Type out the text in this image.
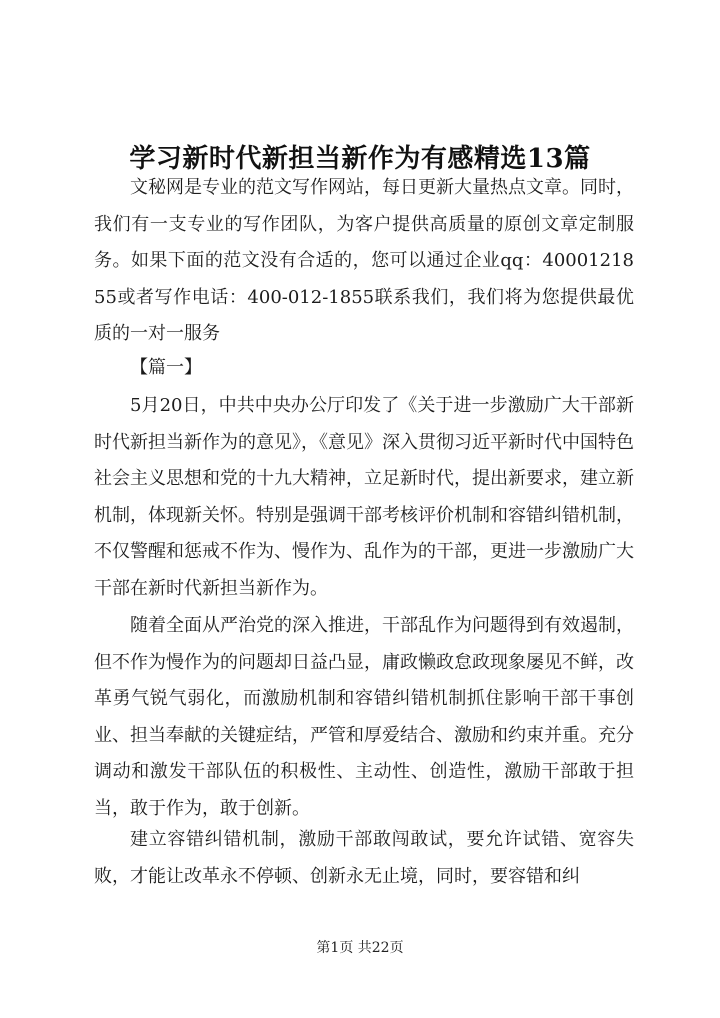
学习新时代新担当新作为有感精选13篇

文秘网是专业的范文写作网站，每日更新大量热点文章。同时，我们有一支专业的写作团队，为客户提供高质量的原创文章定制服务。如果下面的范文没有合适的，您可以通过企业qq：4000121855或者写作电话：400-012-1855联系我们，我们将为您提供最优质的一对一服务

【篇一】

5月20日，中共中央办公厅印发了《关于进一步激励广大干部新时代新担当新作为的意见》，《意见》深入贯彻习近平新时代中国特色社会主义思想和党的十九大精神，立足新时代，提出新要求，建立新机制，体现新关怀。特别是强调干部考核评价机制和容错纠错机制，不仅警醒和惩戒不作为、慢作为、乱作为的干部，更进一步激励广大干部在新时代新担当新作为。

随着全面从严治党的深入推进，干部乱作为问题得到有效遏制，但不作为慢作为的问题却日益凸显，庸政懒政怠政现象屡见不鲜，改革勇气锐气弱化，而激励机制和容错纠错机制抓住影响干部干事创业、担当奉献的关键症结，严管和厚爱结合、激励和约束并重。充分调动和激发干部队伍的积极性、主动性、创造性，激励干部敢于担当，敢于作为，敢于创新。

建立容错纠错机制，激励干部敢闯敢试，要允许试错、宽容失败，才能让改革永不停顿、创新永无止境，同时，要容错和纠

第1页 共22页
